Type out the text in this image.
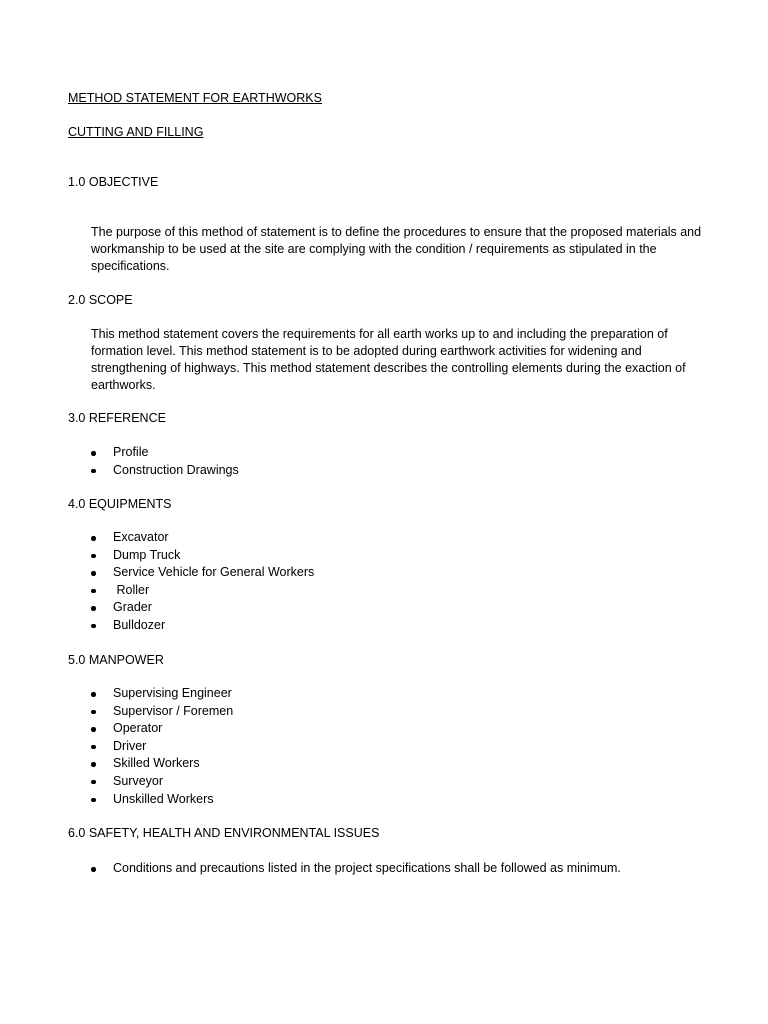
METHOD STATEMENT FOR EARTHWORKS
CUTTING AND FILLING
1.0 OBJECTIVE

The purpose of this method of statement is to define the procedures to ensure that the proposed materials and workmanship to be used at the site are complying with the condition / requirements as stipulated in the specifications.

2.0 SCOPE

This method statement covers the requirements for all earth works up to and including the preparation of formation level. This method statement is to be adopted during earthwork activities for widening and strengthening of highways. This method statement describes the controlling elements during the exaction of earthworks.

3.0 REFERENCE
Profile
Construction Drawings
4.0 EQUIPMENTS
Excavator
Dump Truck
Service Vehicle for General Workers
Roller
Grader
Bulldozer
5.0 MANPOWER
Supervising Engineer
Supervisor / Foremen
Operator
Driver
Skilled Workers
Surveyor
Unskilled Workers
6.0 SAFETY, HEALTH AND ENVIRONMENTAL ISSUES
Conditions and precautions listed in the project specifications shall be followed as minimum.
